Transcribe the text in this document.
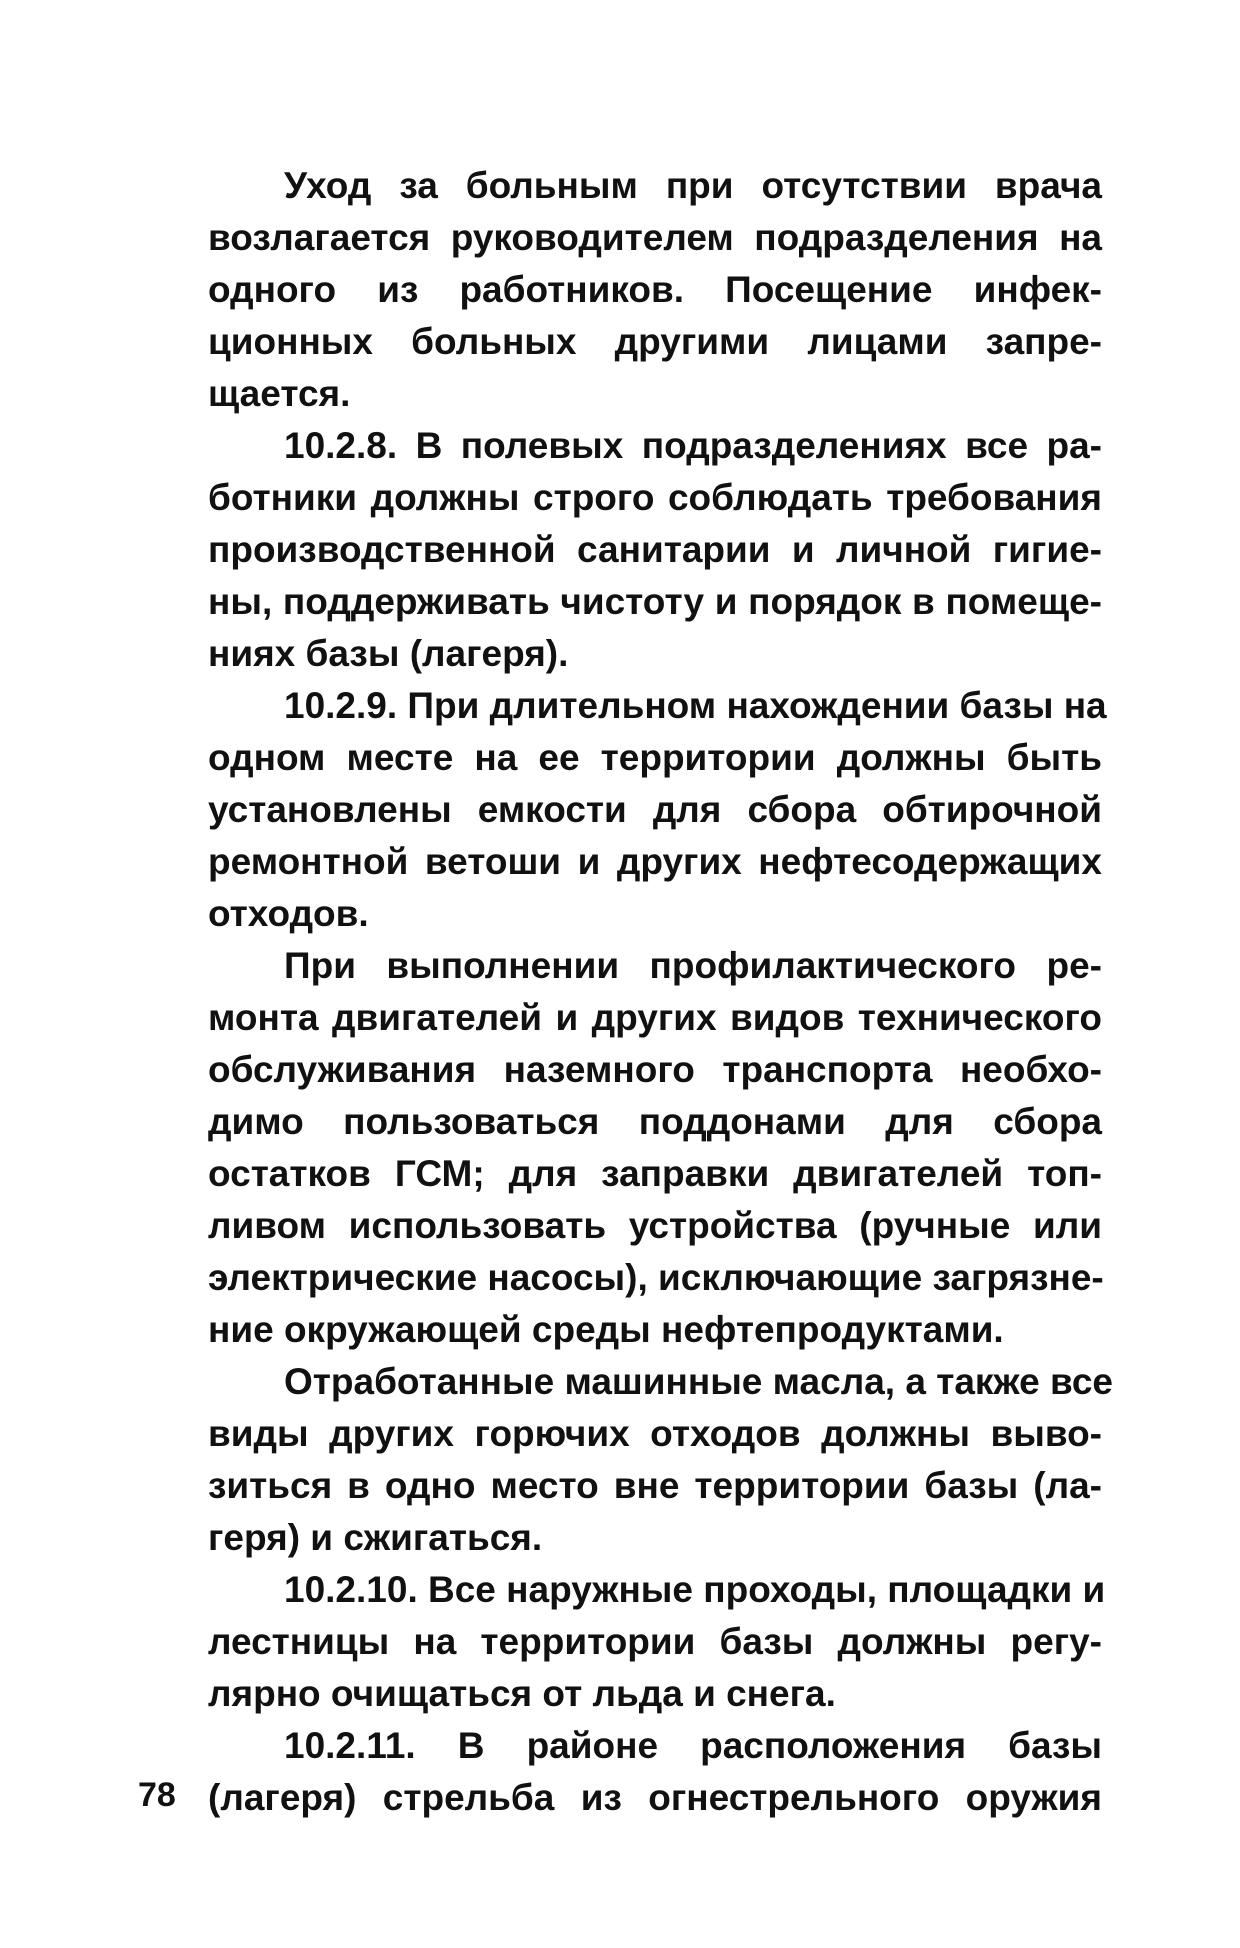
Уход за больным при отсутствии врача
возлагается руководителем подразделения на
одного из работников. Посещение инфек-
ционных больных другими лицами запре-
щается.
10.2.8. В полевых подразделениях все ра-
ботники должны строго соблюдать требования
производственной санитарии и личной гигие-
ны, поддерживать чистоту и порядок в помеще-
ниях базы (лагеря).
10.2.9. При длительном нахождении базы на
одном месте на ее территории должны быть
установлены емкости для сбора обтирочной
ремонтной ветоши и других нефтесодержащих
отходов.
При выполнении профилактического ре-
монта двигателей и других видов технического
обслуживания наземного транспорта необхо-
димо пользоваться поддонами для сбора
остатков ГСМ; для заправки двигателей топ-
ливом использовать устройства (ручные или
электрические насосы), исключающие загрязне-
ние окружающей среды нефтепродуктами.
Отработанные машинные масла, а также все
виды других горючих отходов должны выво-
зиться в одно место вне территории базы (ла-
геря) и сжигаться.
10.2.10. Все наружные проходы, площадки и
лестницы на территории базы должны регу-
лярно очищаться от льда и снега.
10.2.11. В районе расположения базы
(лагеря) стрельба из огнестрельного оружия
78
